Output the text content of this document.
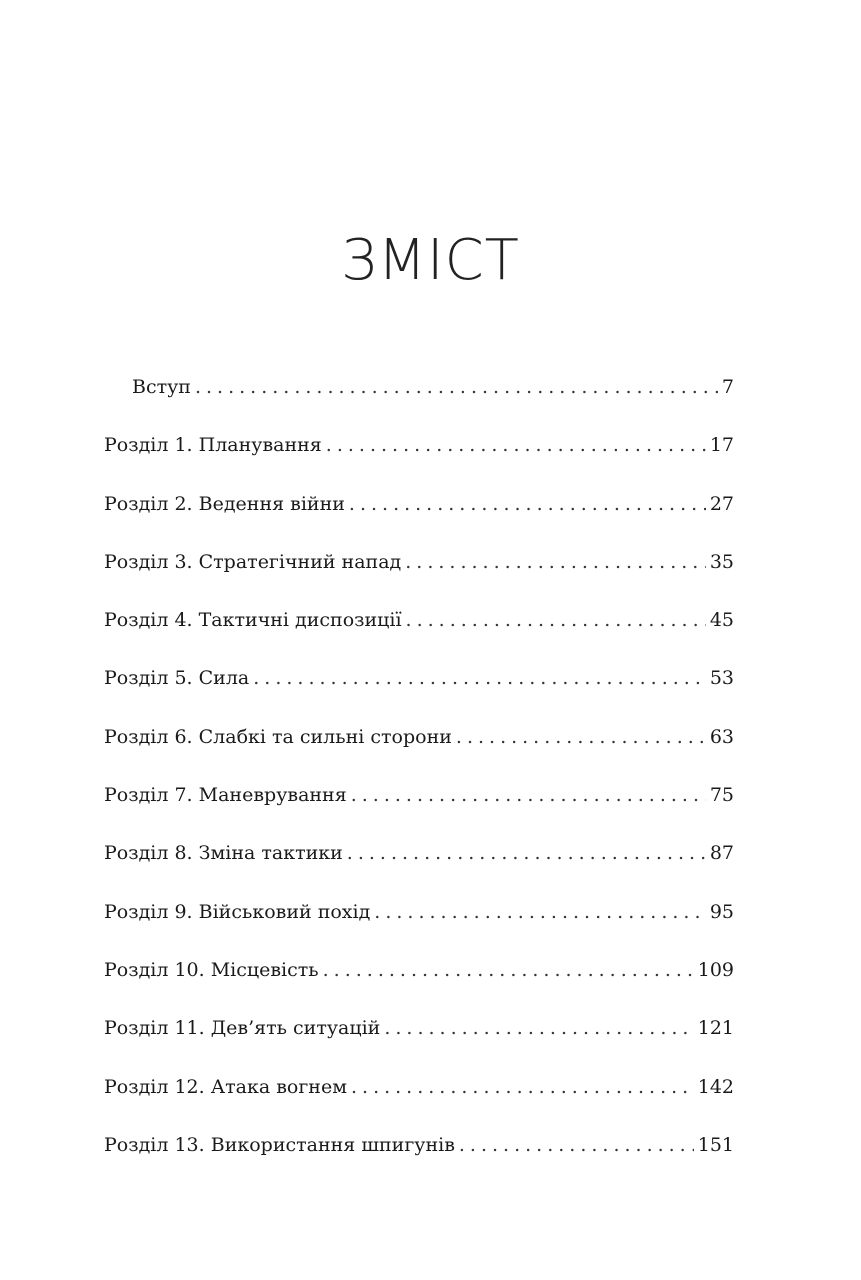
ЗМІСТ
Вступ .....	7
Розділ 1. Планування .....	17
Розділ 2. Ведення війни .....	27
Розділ 3. Стратегічний напад .....	35
Розділ 4. Тактичні диспозиції .....	45
Розділ 5. Сила .....	53
Розділ 6. Слабкі та сильні сторони .....	63
Розділ 7. Маневрування .....	75
Розділ 8. Зміна тактики .....	87
Розділ 9. Військовий похід .....	95
Розділ 10. Місцевість .....	109
Розділ 11. Дев’ять ситуацій .....	121
Розділ 12. Атака вогнем .....	142
Розділ 13. Використання шпигунів .....	151
